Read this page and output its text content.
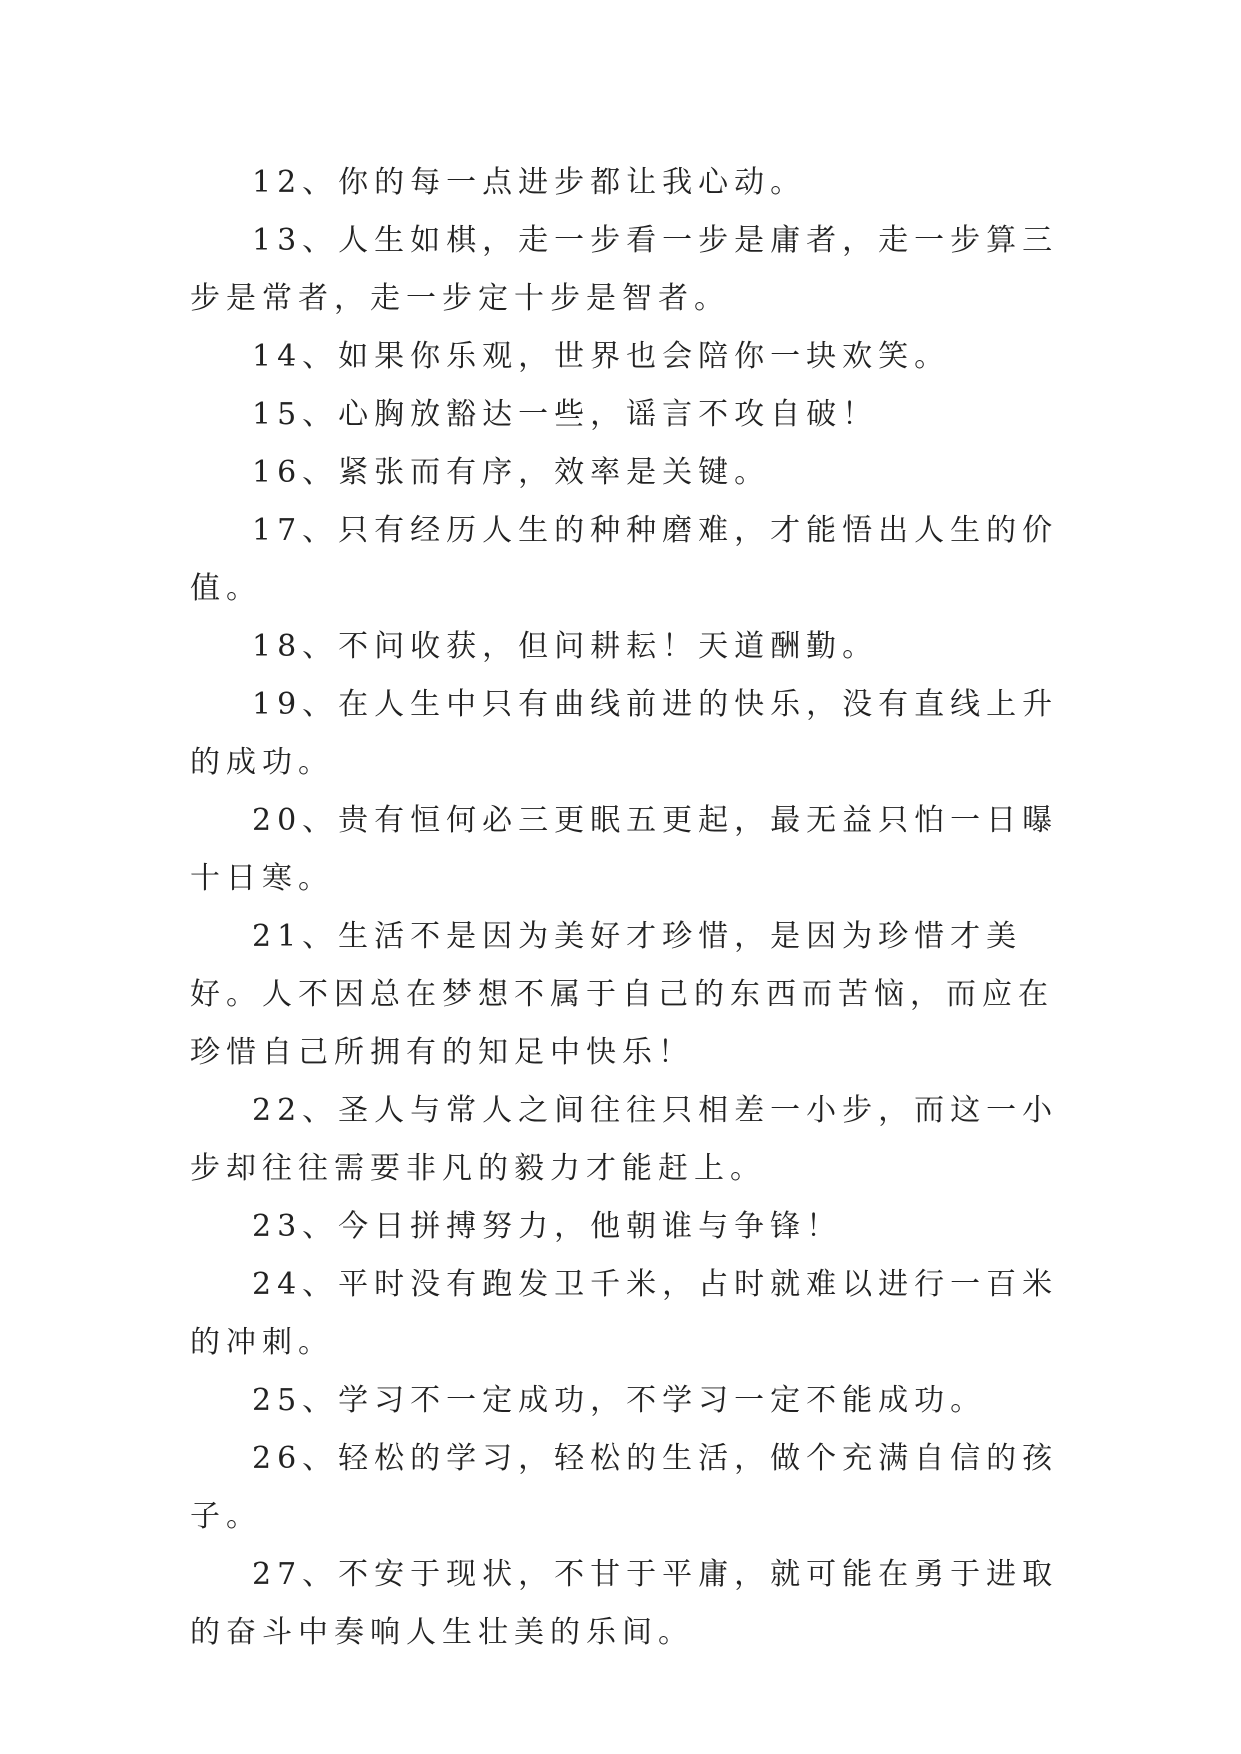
12、你的每一点进步都让我心动。

13、人生如棋，走一步看一步是庸者，走一步算三步是常者，走一步定十步是智者。

14、如果你乐观，世界也会陪你一块欢笑。

15、心胸放豁达一些，谣言不攻自破！

16、紧张而有序，效率是关键。

17、只有经历人生的种种磨难，才能悟出人生的价值。

18、不问收获，但问耕耘！天道酬勤。

19、在人生中只有曲线前进的快乐，没有直线上升的成功。

20、贵有恒何必三更眠五更起，最无益只怕一日曝十日寒。

21、生活不是因为美好才珍惜，是因为珍惜才美好。人不因总在梦想不属于自己的东西而苦恼，而应在珍惜自己所拥有的知足中快乐！

22、圣人与常人之间往往只相差一小步，而这一小步却往往需要非凡的毅力才能赶上。

23、今日拼搏努力，他朝谁与争锋！

24、平时没有跑发卫千米，占时就难以进行一百米的冲刺。

25、学习不一定成功，不学习一定不能成功。

26、轻松的学习，轻松的生活，做个充满自信的孩子。

27、不安于现状，不甘于平庸，就可能在勇于进取的奋斗中奏响人生壮美的乐间。
